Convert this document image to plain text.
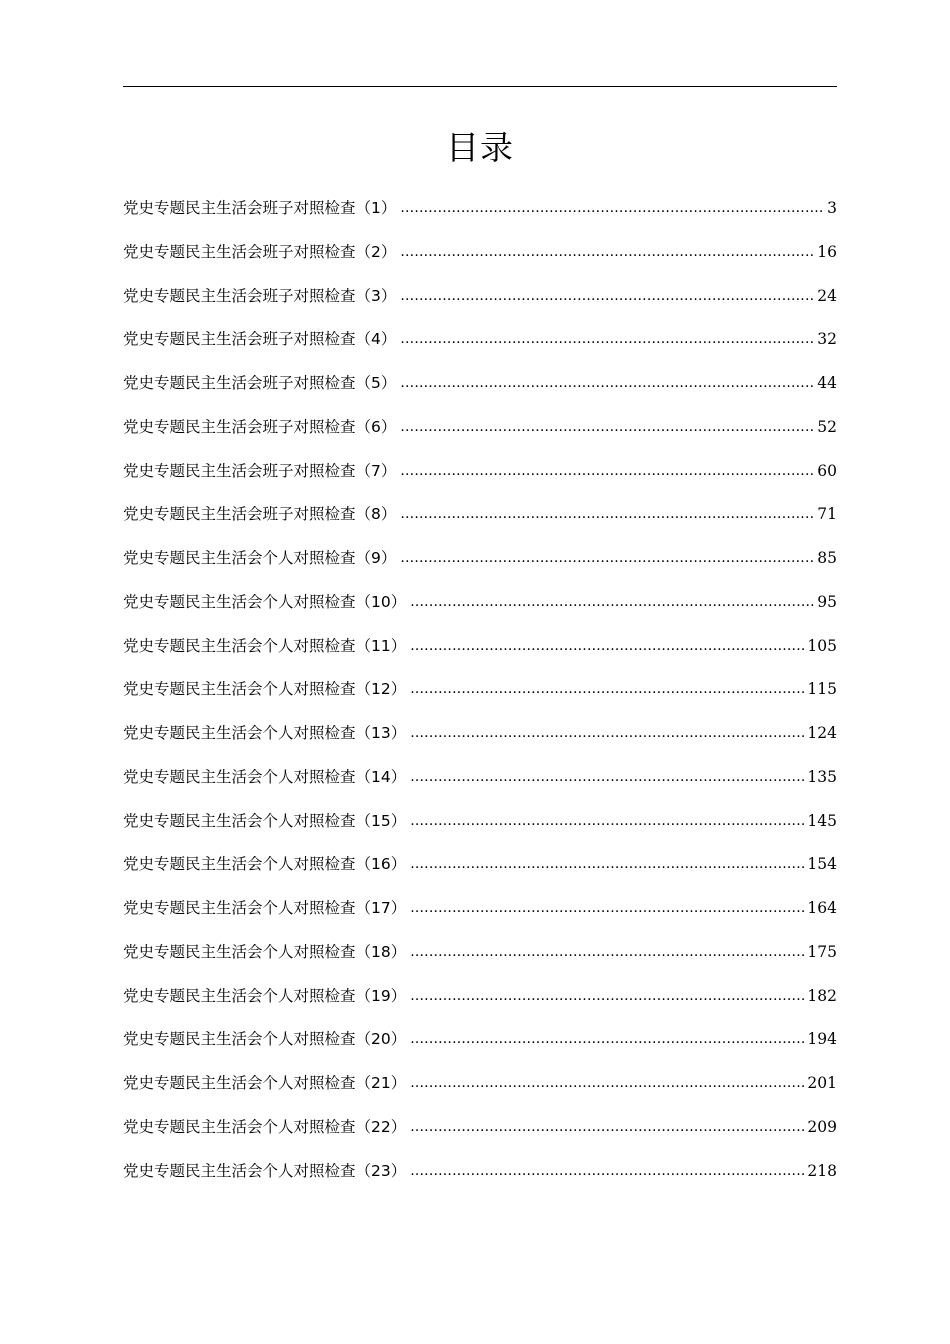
目录
党史专题民主生活会班子对照检查（1） .....	3
党史专题民主生活会班子对照检查（2） .....	16
党史专题民主生活会班子对照检查（3） .....	24
党史专题民主生活会班子对照检查（4） .....	32
党史专题民主生活会班子对照检查（5） .....	44
党史专题民主生活会班子对照检查（6） .....	52
党史专题民主生活会班子对照检查（7） .....	60
党史专题民主生活会班子对照检查（8） .....	71
党史专题民主生活会个人对照检查（9） .....	85
党史专题民主生活会个人对照检查（10） .....	95
党史专题民主生活会个人对照检查（11） .....	105
党史专题民主生活会个人对照检查（12） .....	115
党史专题民主生活会个人对照检查（13） .....	124
党史专题民主生活会个人对照检查（14） .....	135
党史专题民主生活会个人对照检查（15） .....	145
党史专题民主生活会个人对照检查（16） .....	154
党史专题民主生活会个人对照检查（17） .....	164
党史专题民主生活会个人对照检查（18） .....	175
党史专题民主生活会个人对照检查（19） .....	182
党史专题民主生活会个人对照检查（20） .....	194
党史专题民主生活会个人对照检查（21） .....	201
党史专题民主生活会个人对照检查（22） .....	209
党史专题民主生活会个人对照检查（23） .....	218
